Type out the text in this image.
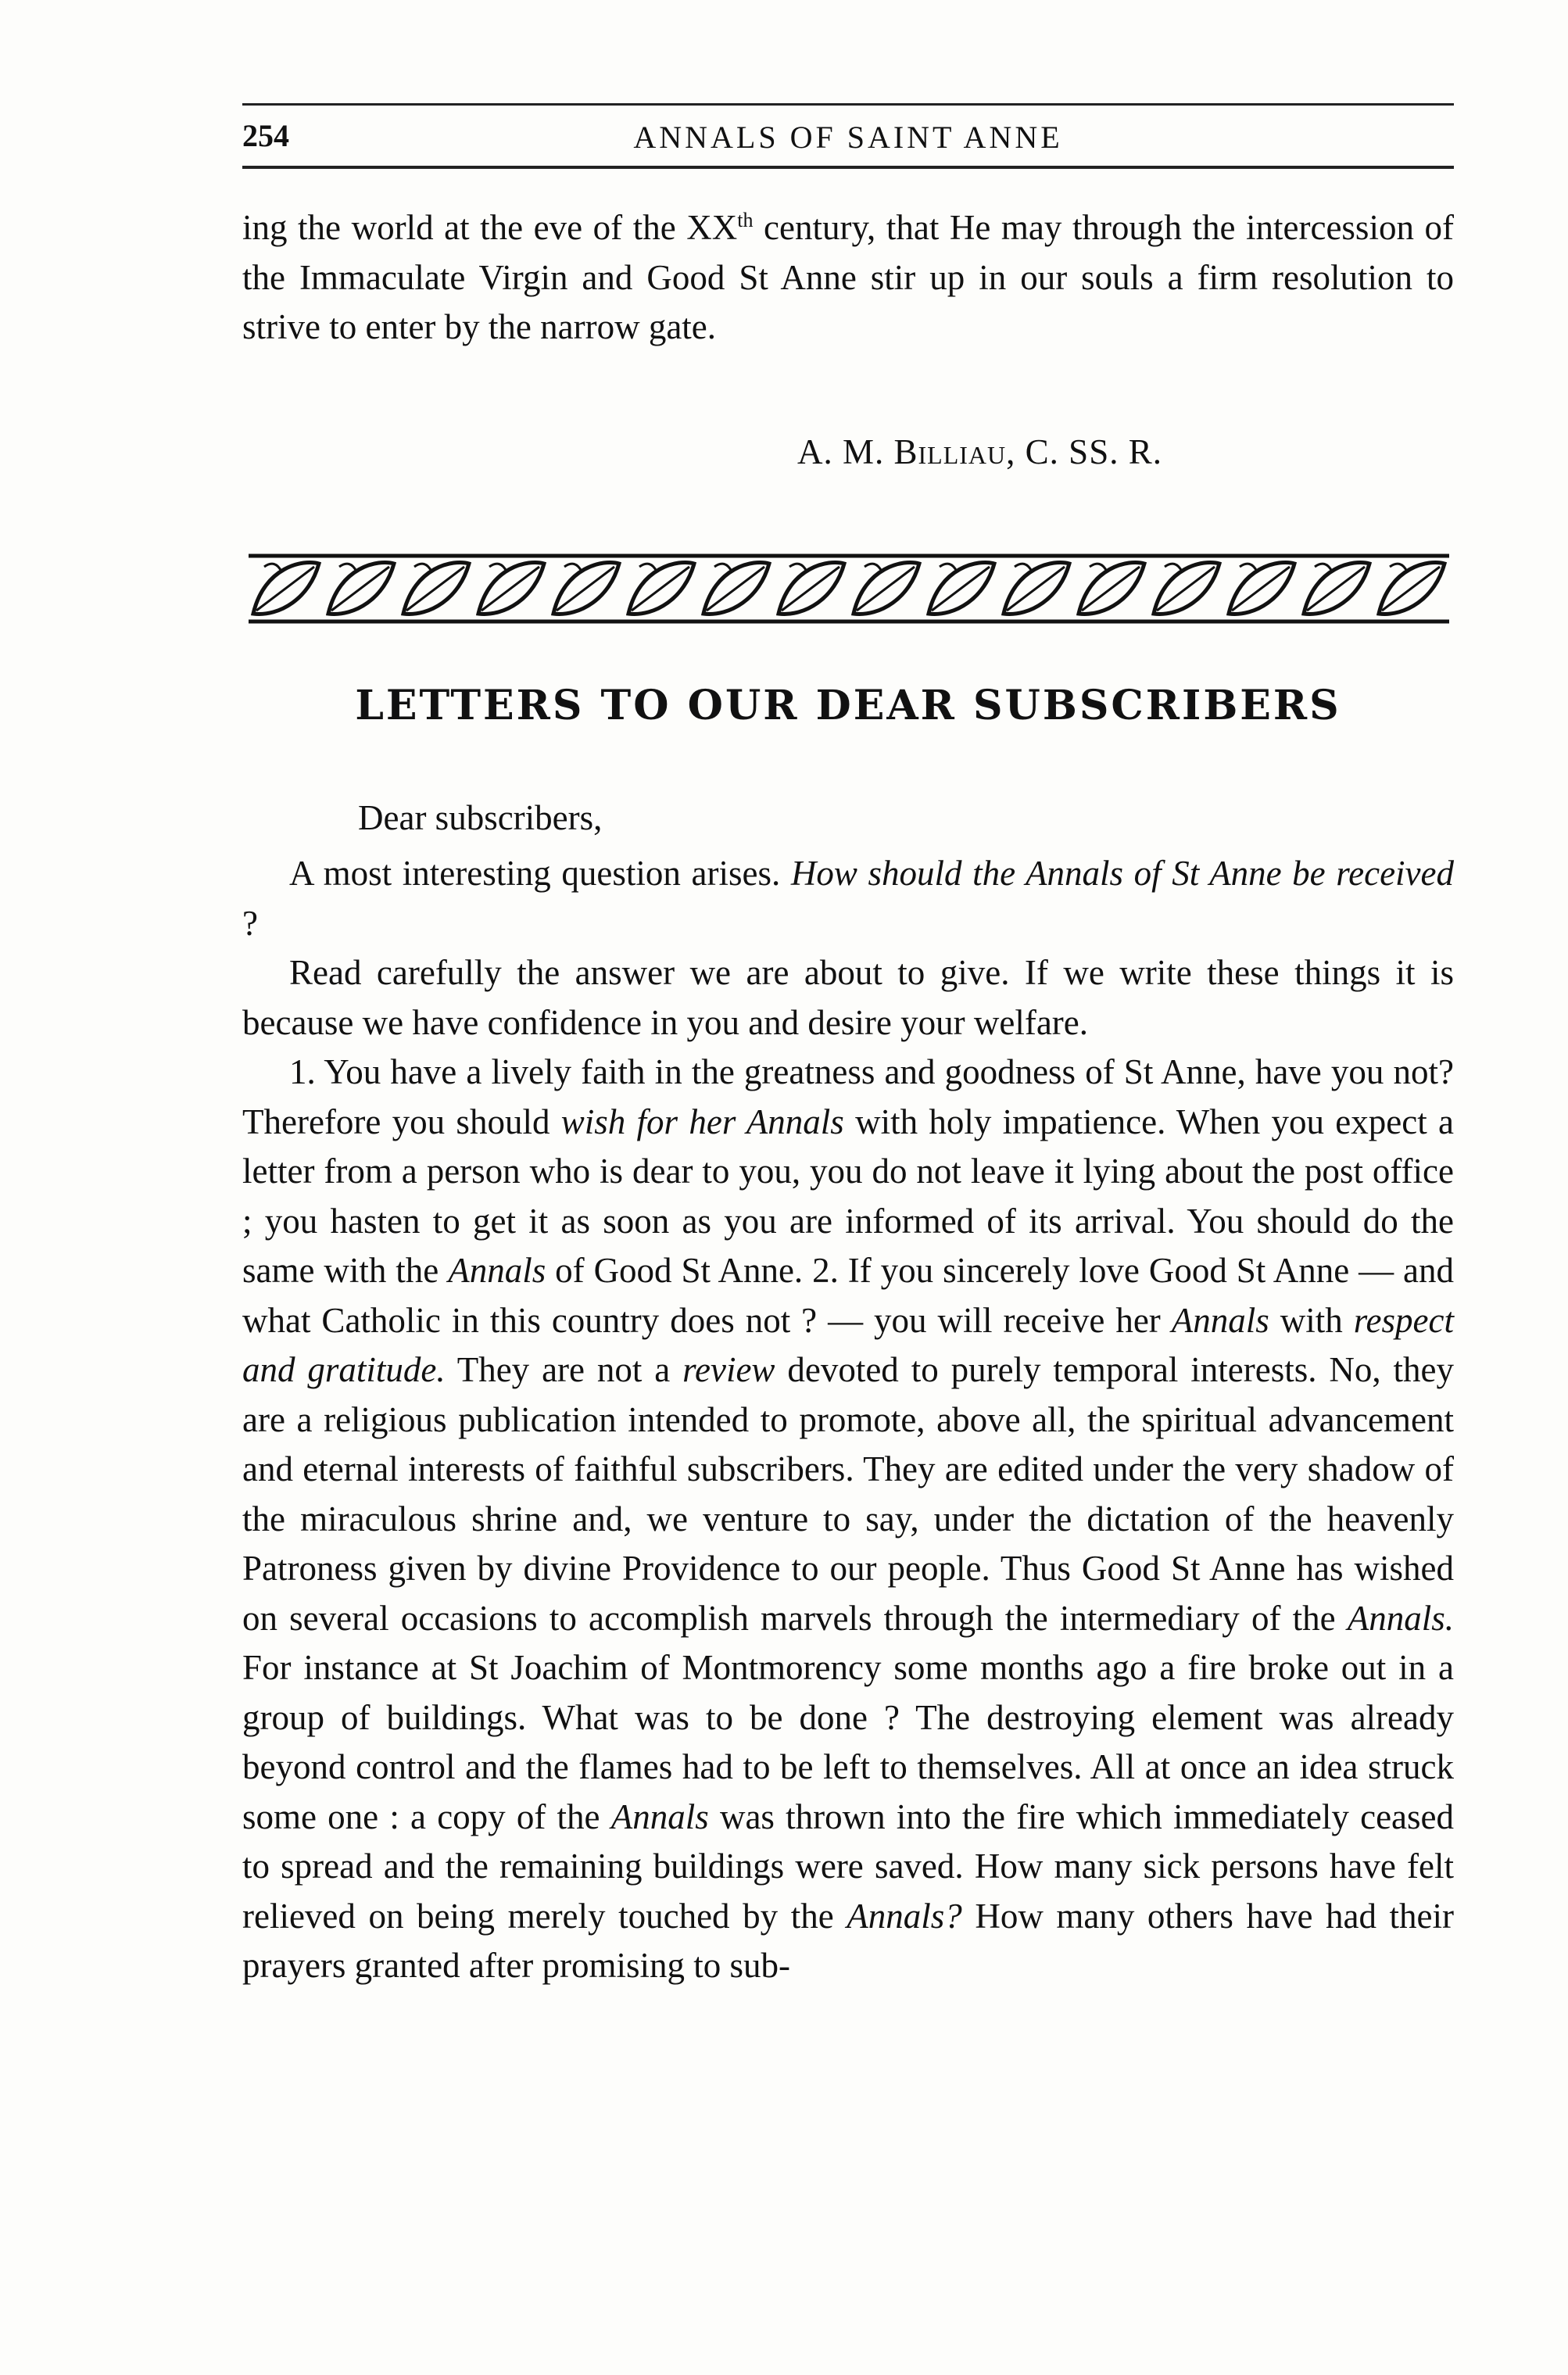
254	ANNALS OF SAINT ANNE

ing the world at the eve of the XXth century, that He may through the intercession of the Immaculate Virgin and Good St Anne stir up in our souls a firm resolution to strive to enter by the narrow gate.

A. M. Billiau, C. SS. R.
LETTERS TO OUR DEAR SUBSCRIBERS
Dear subscribers,

A most interesting question arises. How should the Annals of St Anne be received ?

Read carefully the answer we are about to give. If we write these things it is because we have confidence in you and desire your welfare.

1. You have a lively faith in the greatness and goodness of St Anne, have you not? Therefore you should wish for her Annals with holy impatience. When you expect a letter from a person who is dear to you, you do not leave it lying about the post office ; you hasten to get it as soon as you are informed of its arrival. You should do the same with the Annals of Good St Anne. 2. If you sincerely love Good St Anne — and what Catholic in this country does not ? — you will receive her Annals with respect and gratitude. They are not a review devoted to purely temporal interests. No, they are a religious publication intended to promote, above all, the spiritual advancement and eternal interests of faithful subscribers. They are edited under the very shadow of the miraculous shrine and, we venture to say, under the dictation of the heavenly Patroness given by divine Providence to our people. Thus Good St Anne has wished on several occasions to accomplish marvels through the intermediary of the Annals. For instance at St Joachim of Montmorency some months ago a fire broke out in a group of buildings. What was to be done ? The destroying element was already beyond control and the flames had to be left to themselves. All at once an idea struck some one : a copy of the Annals was thrown into the fire which immediately ceased to spread and the remaining buildings were saved. How many sick persons have felt relieved on being merely touched by the Annals? How many others have had their prayers granted after promising to sub-
